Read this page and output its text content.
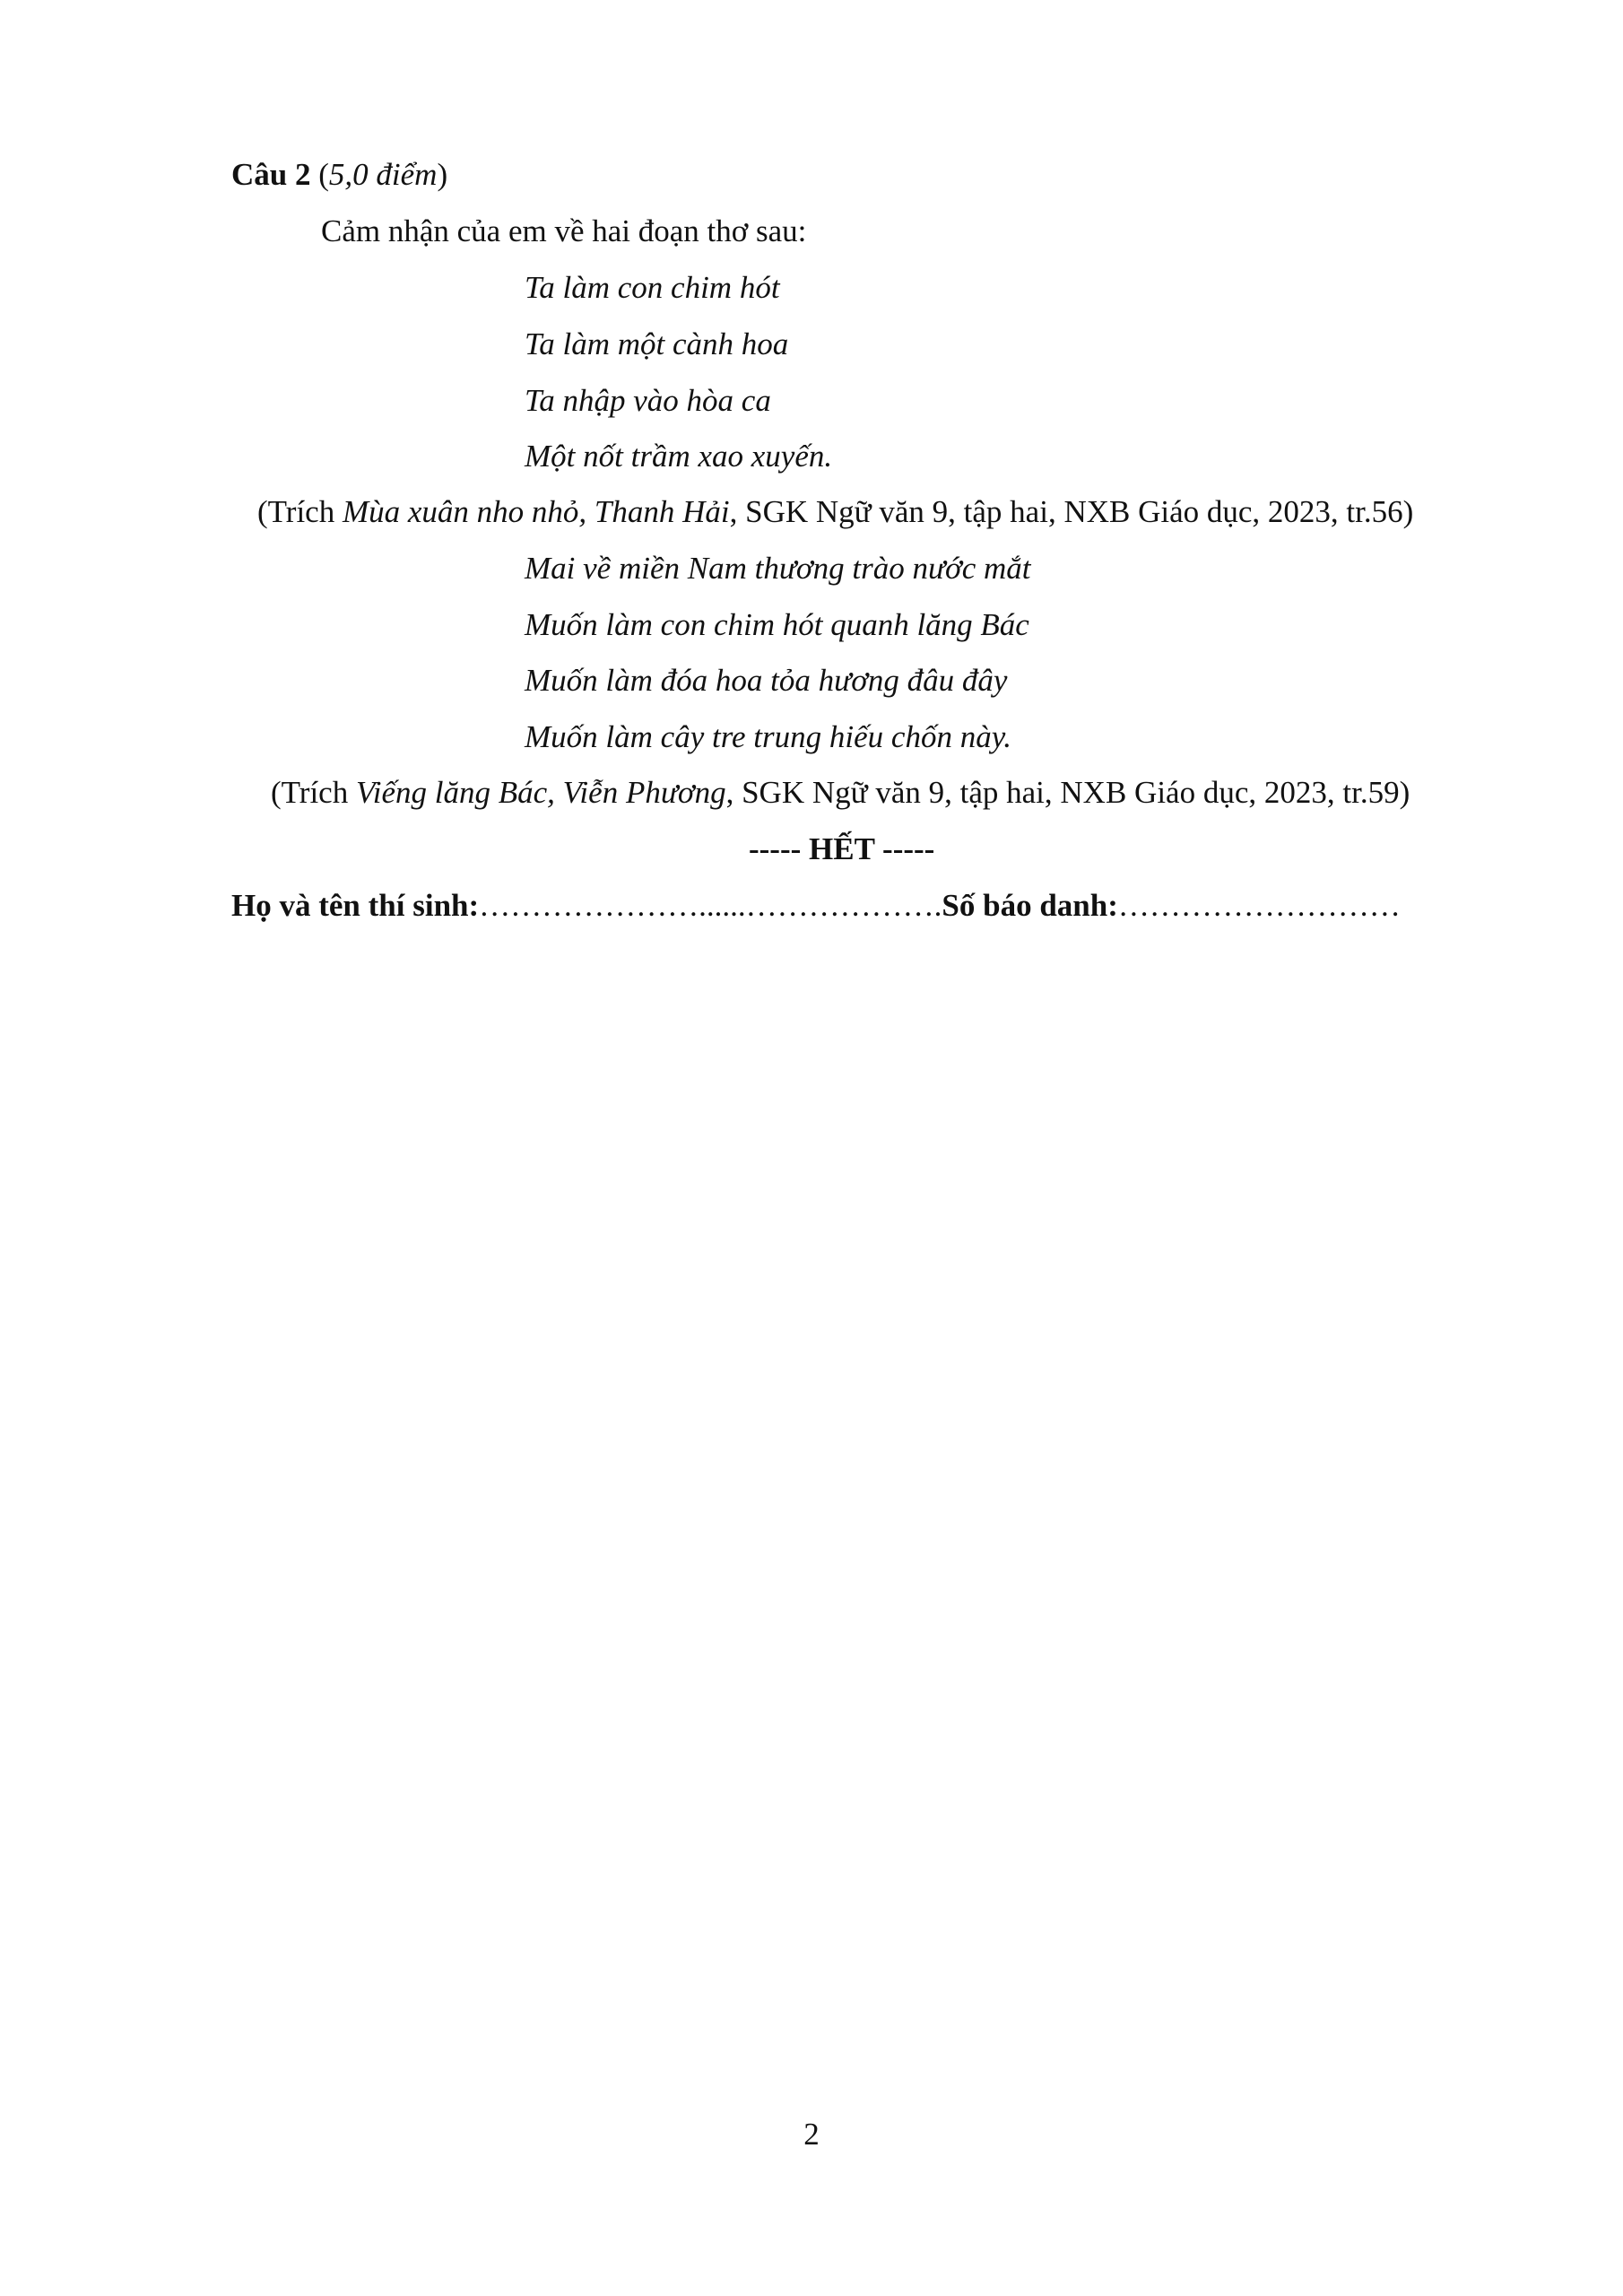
Câu 2 (5,0 điểm)
Cảm nhận của em về hai đoạn thơ sau:
Ta làm con chim hót
Ta làm một cành hoa
Ta nhập vào hòa ca
Một nốt trầm xao xuyến.
(Trích Mùa xuân nho nhỏ, Thanh Hải, SGK Ngữ văn 9, tập hai, NXB Giáo dục, 2023, tr.56)
Mai về miền Nam thương trào nước mắt
Muốn làm con chim hót quanh lăng Bác
Muốn làm đóa hoa tỏa hương đâu đây
Muốn làm cây tre trung hiếu chốn này.
(Trích Viếng lăng Bác, Viễn Phương, SGK Ngữ văn 9, tập hai, NXB Giáo dục, 2023, tr.59)
----- HẾT -----
Họ và tên thí sinh:…………………......……………….Số báo danh:………………………
2
